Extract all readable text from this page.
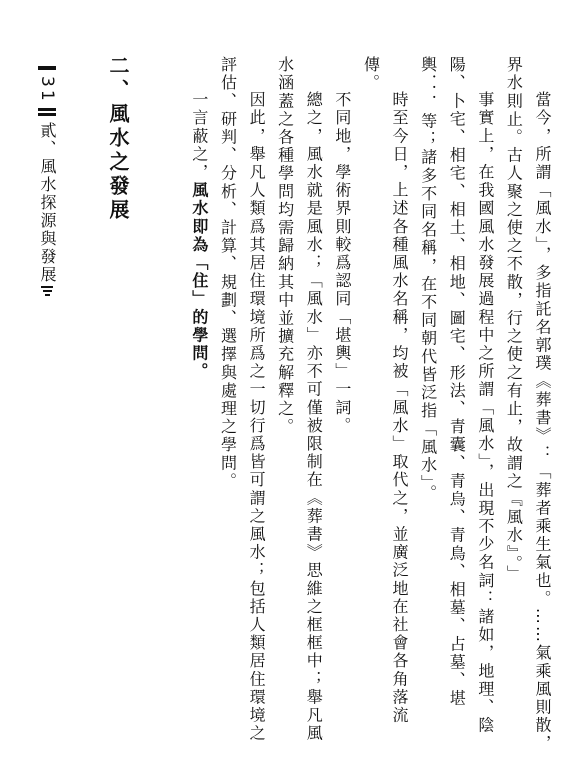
31
貳、風水探源與發展 二、風水之發展	當今，所謂「風水」，多指託名郭璞《葬書》：「葬者乘生氣也。……氣乘風則散，界水則止。古人聚之使之不散，行之使之有止，故謂之『風水』。」

事實上，在我國風水發展過程中之所謂「風水」，出現不少名詞：諸如，地理、陰陽、卜宅、相宅、相土、相地、圖宅、形法、青囊、青烏、青鳥、相墓、占墓、堪輿．．．等；諸多不同名稱，在不同朝代皆泛指「風水」。

時至今日，上述各種風水名稱，均被「風水」取代之，並廣泛地在社會各角落流傳。

不同地，學術界則較爲認同「堪輿」一詞。

總之，風水就是風水；「風水」亦不可僅被限制在《葬書》思維之框框中；舉凡風水涵蓋之各種學問均需歸納其中並擴充解釋之。

因此，舉凡人類爲其居住環境所爲之一切行爲皆可謂之風水；包括人類居住環境之評估、研判、分析、計算、規劃、選擇與處理之學問。

一言蔽之，風水即為「住」的學問。
